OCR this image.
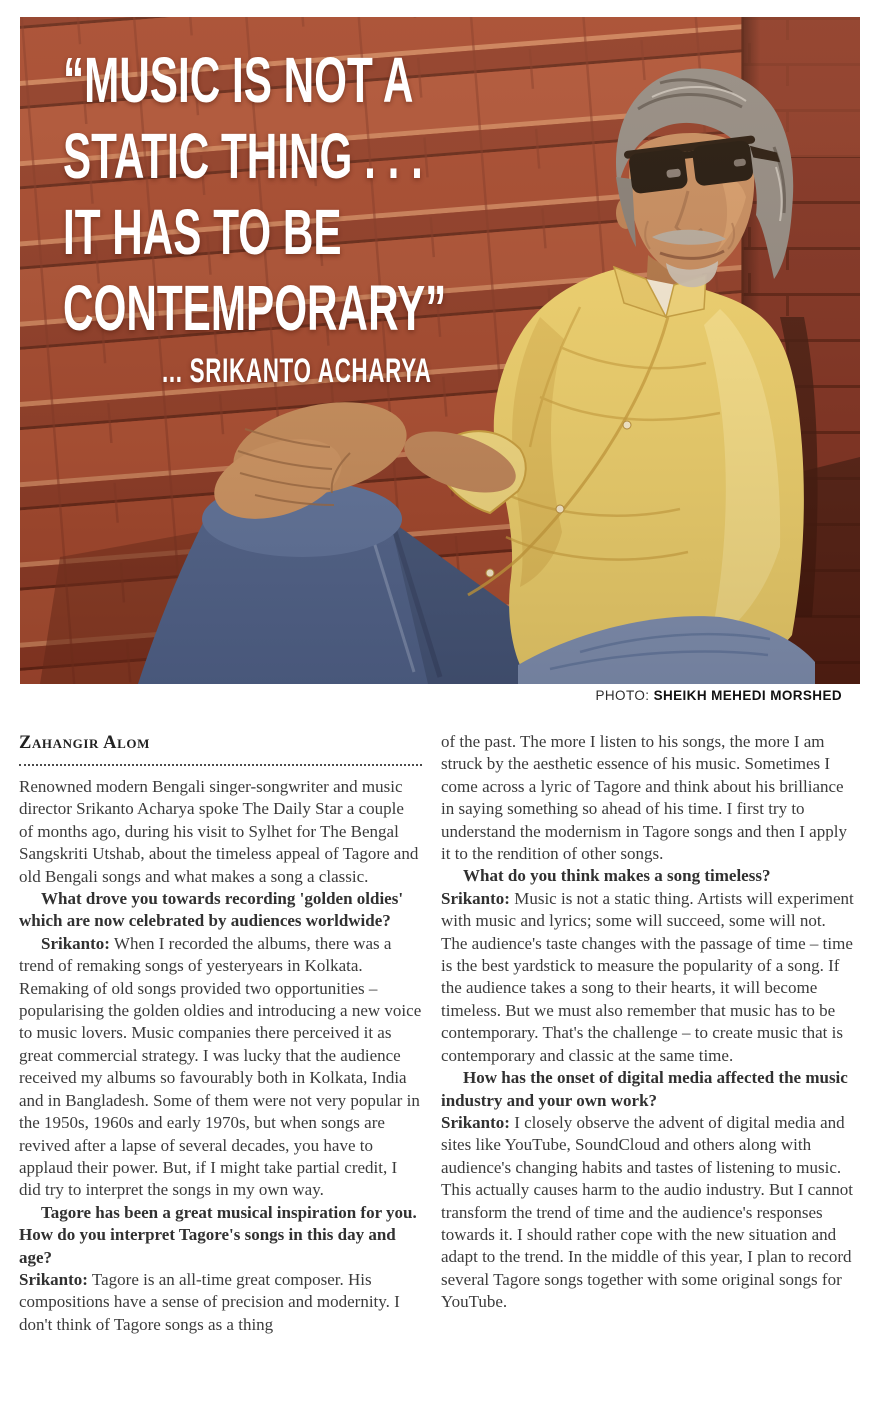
“MUSIC IS NOT A
STATIC THING . . .
IT HAS TO BE
CONTEMPORARY”
... SRIKANTO ACHARYA
PHOTO: SHEIKH MEHEDI MORSHED
Zahangir Alom

Renowned modern Bengali singer-songwriter and music director Srikanto Acharya spoke The Daily Star a couple of months ago, during his visit to Sylhet for The Bengal Sangskriti Utshab, about the timeless appeal of Tagore and old Bengali songs and what makes a song a classic.

What drove you towards recording 'golden oldies' which are now celebrated by audiences worldwide?

Srikanto: When I recorded the albums, there was a trend of remaking songs of yesteryears in Kolkata. Remaking of old songs provided two opportunities – popularising the golden oldies and introducing a new voice to music lovers. Music companies there perceived it as great commercial strategy. I was lucky that the audience received my albums so favourably both in Kolkata, India and in Bangladesh. Some of them were not very popular in the 1950s, 1960s and early 1970s, but when songs are revived after a lapse of several decades, you have to applaud their power. But, if I might take partial credit, I did try to interpret the songs in my own way.

Tagore has been a great musical inspiration for you. How do you interpret Tagore's songs in this day and age?

Srikanto: Tagore is an all-time great composer. His compositions have a sense of precision and modernity. I don't think of Tagore songs as a thing

of the past. The more I listen to his songs, the more I am struck by the aesthetic essence of his music. Sometimes I come across a lyric of Tagore and think about his brilliance in saying something so ahead of his time. I first try to understand the modernism in Tagore songs and then I apply it to the rendition of other songs.

What do you think makes a song timeless?

Srikanto: Music is not a static thing. Artists will experiment with music and lyrics; some will succeed, some will not. The audience's taste changes with the passage of time – time is the best yardstick to measure the popularity of a song. If the audience takes a song to their hearts, it will become timeless. But we must also remember that music has to be contemporary. That's the challenge – to create music that is contemporary and classic at the same time.

How has the onset of digital media affected the music industry and your own work?

Srikanto: I closely observe the advent of digital media and sites like YouTube, SoundCloud and others along with audience's changing habits and tastes of listening to music. This actually causes harm to the audio industry. But I cannot transform the trend of time and the audience's responses towards it. I should rather cope with the new situation and adapt to the trend. In the middle of this year, I plan to record several Tagore songs together with some original songs for YouTube.
